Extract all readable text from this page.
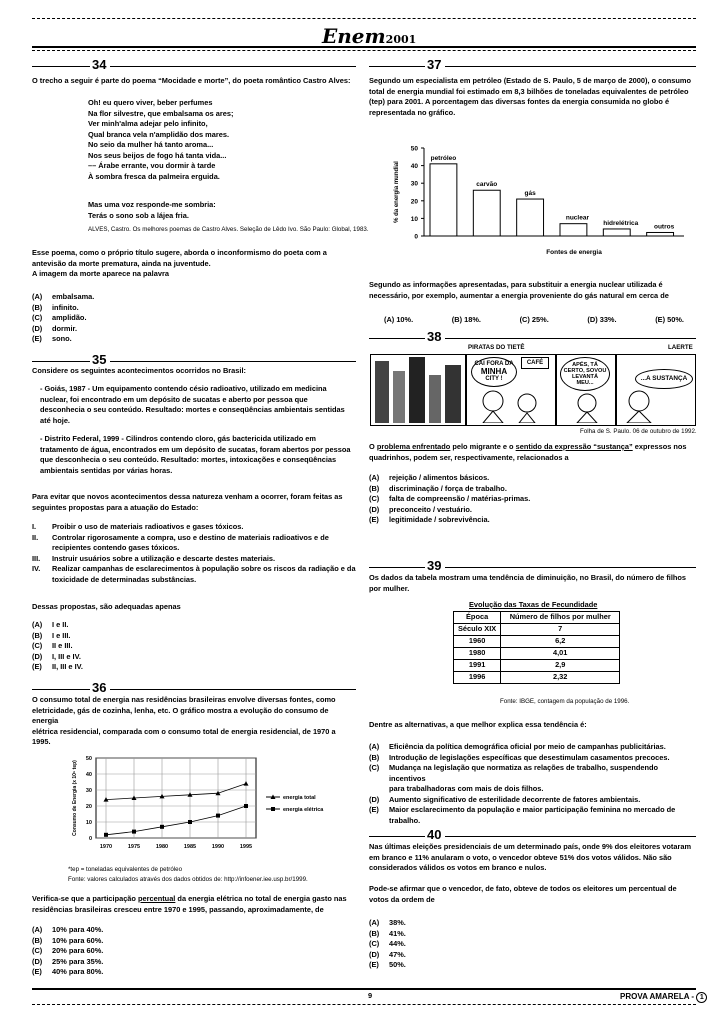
Enem2001
34

O trecho a seguir é parte do poema “Mocidade e morte”, do poeta romântico Castro Alves:

Oh! eu quero viver, beber perfumes
Na flor silvestre, que embalsama os ares;
Ver minh'alma adejar pelo infinito,
Qual branca vela n'amplidão dos mares.
No seio da mulher há tanto aroma...
Nos seus beijos de fogo há tanta vida...
–– Árabe errante, vou dormir à tarde
À sombra fresca da palmeira erguida.
Mas uma voz responde-me sombria:
Terás o sono sob a lájea fria.

ALVES, Castro. Os melhores poemas de Castro Alves. Seleção de Lêdo Ivo. São Paulo: Global, 1983.

Esse poema, como o próprio título sugere, aborda o inconformismo do poeta com a
antevisão da morte prematura, ainda na juventude.
A imagem da morte aparece na palavra
(A)	embalsama.
(B)	infinito.
(C)	amplidão.
(D)	dormir.
(E)	sono.
35

Considere os seguintes acontecimentos ocorridos no Brasil:

- Goiás, 1987 - Um equipamento contendo césio radioativo, utilizado em medicina
nuclear, foi encontrado em um depósito de sucatas e aberto por pessoa que
desconhecia o seu conteúdo. Resultado: mortes e conseqüências ambientais sentidas
até hoje.
- Distrito Federal, 1999 - Cilindros contendo cloro, gás bactericida utilizado em
tratamento de água, encontrados em um depósito de sucatas, foram abertos por pessoa
que desconhecia o seu conteúdo. Resultado: mortes, intoxicações e conseqüências
ambientais sentidas por várias horas.
Para evitar que novos acontecimentos dessa natureza venham a ocorrer, foram feitas as
seguintes propostas para a atuação do Estado:
I.	Proibir o uso de materiais radioativos e gases tóxicos.
II.	Controlar rigorosamente a compra, uso e destino de materiais radioativos e de
recipientes contendo gases tóxicos.
III.	Instruir usuários sobre a utilização e descarte destes materiais.
IV.	Realizar campanhas de esclarecimentos à população sobre os riscos da radiação e da
toxicidade de determinadas substâncias.

Dessas propostas, são adequadas apenas

(A)	I e II.
(B)	I e III.
(C)	II e III.
(D)	I, III e IV.
(E)	II, III e IV.
36
O consumo total de energia nas residências brasileiras envolve diversas fontes, como
eletricidade, gás de cozinha, lenha, etc. O gráfico mostra a evolução do consumo de energia
elétrica residencial, comparada com o consumo total de energia residencial, de 1970 a
1995.
0
10
20
30
40
50
1970	1975	1980	1985	1990	1995
Consumo de Energia (x 10⁶ tep)	energia total
energia elétrica

*tep = toneladas equivalentes de petróleo

Fonte: valores calculados através dos dados obtidos de: http://infoener.iee.usp.br/1999.

Verifica-se que a participação percentual da energia elétrica no total de energia gasto nas

residências brasileiras cresceu entre 1970 e 1995, passando, aproximadamente, de

(A)	10% para 40%.
(B)	10% para 60%.
(C)	20% para 60%.
(D)	25% para 35%.
(E)	40% para 80%.
37
Segundo um especialista em petróleo (Estado de S. Paulo, 5 de março de 2000), o consumo
total de energia mundial foi estimado em 8,3 bilhões de toneladas equivalentes de petróleo
(tep) para 2001. A porcentagem das diversas fontes da energia consumida no globo é
representada no gráfico.
0
10
20
30
40
50
% da energia mundial
petróleo
carvão
gás
nuclear
hidrelétrica
outros
Fontes de energia
Segundo as informações apresentadas, para substituir a energia nuclear utilizada é
necessário, por exemplo, aumentar a energia proveniente do gás natural em cerca de
(A) 10%.	(B) 18%.	(C) 25%.	(D) 33%.	(E) 50%.
38

PIRATAS DO TIETÊ	LAERTE

CAI FORA DA
MINHA
CITY !
CAFÉ	APÉS, TÁ
CERTO, SOVOU
LEVANTÁ
MEU...
...A SUSTANÇA

Folha de S. Paulo. 06 de outubro de 1992.

O problema enfrentado pelo migrante e o sentido da expressão “sustança” expressos nos

quadrinhos, podem ser, respectivamente, relacionados a

(A)	rejeição / alimentos básicos.
(B)	discriminação / força de trabalho.
(C)	falta de compreensão / matérias-primas.
(D)	preconceito / vestuário.
(E)	legitimidade / sobrevivência.
39
Os dados da tabela mostram uma tendência de diminuição, no Brasil, do número de filhos
por mulher.

Evolução das Taxas de Fecundidade

Época	Número de filhos por mulher
Século XIX	7
1960	6,2
1980	4,01
1991	2,9
1996	2,32

Fonte: IBGE, contagem da população de 1996.

Dentre as alternativas, a que melhor explica essa tendência é:

(A)	Eficiência da política demográfica oficial por meio de campanhas publicitárias.
(B)	Introdução de legislações específicas que desestimulam casamentos precoces.
(C)	Mudança na legislação que normatiza as relações de trabalho, suspendendo incentivos
para trabalhadoras com mais de dois filhos.
(D)	Aumento significativo de esterilidade decorrente de fatores ambientais.
(E)	Maior esclarecimento da população e maior participação feminina no mercado de
trabalho.
40
Nas últimas eleições presidenciais de um determinado país, onde 9% dos eleitores votaram
em branco e 11% anularam o voto, o vencedor obteve 51% dos votos válidos. Não são
considerados válidos os votos em branco e nulos.
Pode-se afirmar que o vencedor, de fato, obteve de todos os eleitores um percentual de
votos da ordem de
(A)	38%.
(B)	41%.
(C)	44%.
(D)	47%.
(E)	50%.

9	PROVA AMARELA - 1
